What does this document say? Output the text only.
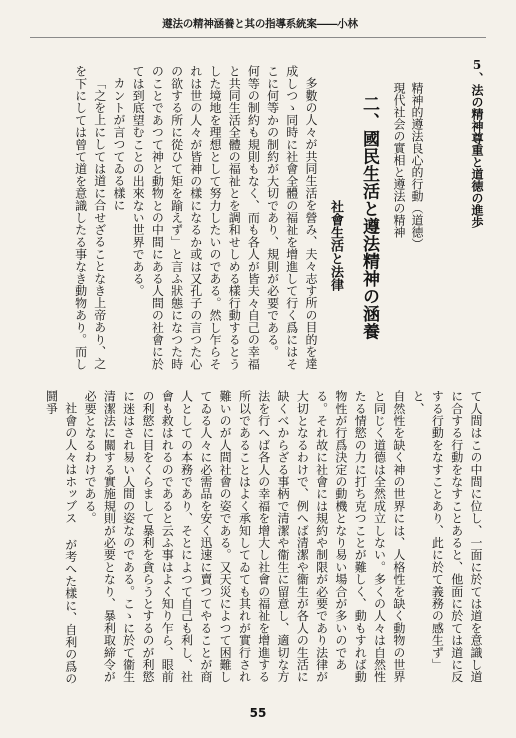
遵法の精神涵養と其の指導系統案――小林
5、法の精神尊重と道徳の進歩
精神的遵法良心的行動（道徳）
現代社会の實相と遵法の精神
二、國民生活と遵法精神の涵養
社會生活と法律
多數の人々が共同生活を營み、夫々志す所の目的を達成しつゝ同時に社會全體の福祉を增進して行く爲にはそこに何等かの制約が大切であり、規則が必要である。
何等の制約も規則もなく、而も各人が皆夫々自己の幸福と共同生活全體の福祉とを調和せしめる樣行動するとうした境地を理想として努力したいのである。然し乍らそれは世の人々が皆神の樣になるか或は又孔子の言つた心の欲する所に從ひて矩を踰えず」と言ふ狀態になつた時のことであつて神と動物との中間にある人間の社會に於ては到底望むことの出來ない世界である。
カントが言つてゐる樣に
「之を上にしては道に合せざることなき上帝あり、之を下にしては曾て道を意識したる事なき動物あり。而し
て人間はこの中間に位し、一面に於ては道を意識し道に合する行動をなすことあると、他面に於ては道に反する行動をなすことあり、此に於て義務の感生ず」と、
自然性を缺く神の世界には、人格性を缺く動物の世界と同じく道德は全然成立しない。多くの人々は自然性たる情慾の力に打ち克つことが難しく、動もすれば動物性が行爲決定の動機となり易い場合が多いのである。それ故に社會には規約や制限が必要であり法律が大切となるわけで、例へば清潔や衞生が各人の生活に缺くべからざる事柄で清潔や衞生に留意し、適切な方法を行へば各人の幸福を增大し社會の福祉を增進する所以であることはよく承知してゐても其れが實行され難いのが人間社會の姿である。又天災によつて困難してゐる人々に必需品を安く迅速に賣つてやることが商人としての本務であり、そとによつて自己も利し、社會も救はれるのであると云ふ事はよく知り乍ら、眼前の利慾に目をくらまして暴利を貪らうとするのが利慾に迷はされ易い人間の姿なのである。こゝに於て衞生清潔法に關する實施規則が必要となり、暴利取締令が必要となるわけである。
社會の人々はホッブス が考へた樣に、自利の爲の鬪爭
55
